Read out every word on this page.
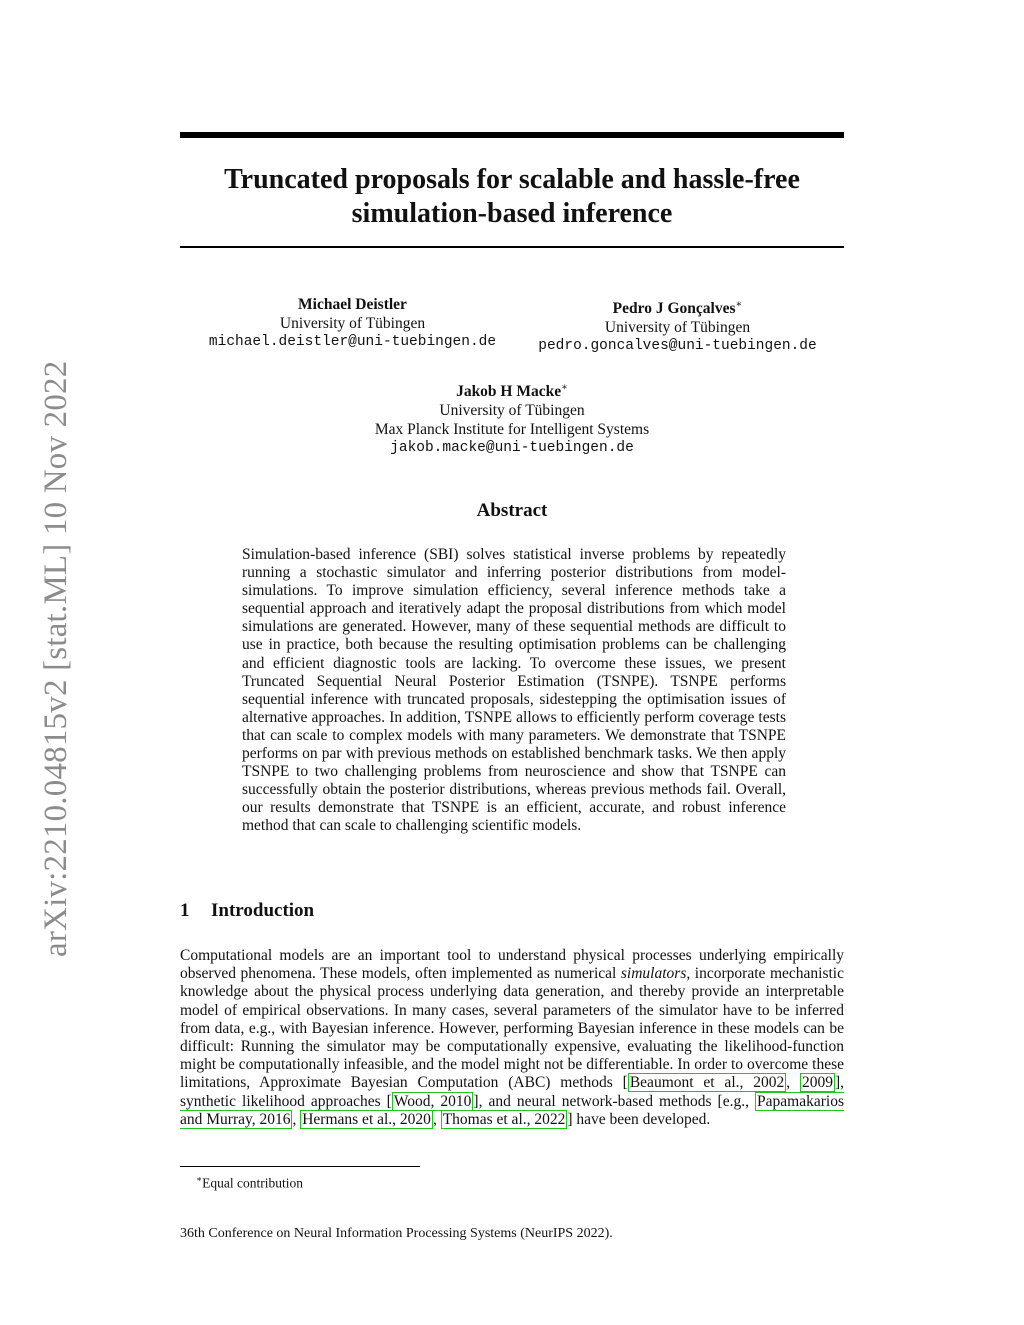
arXiv:2210.04815v2 [stat.ML] 10 Nov 2022
Truncated proposals for scalable and hassle-free
simulation-based inference
Michael Deistler
University of Tübingen
michael.deistler@uni-tuebingen.de
Pedro J Gonçalves∗
University of Tübingen
pedro.goncalves@uni-tuebingen.de
Jakob H Macke∗
University of Tübingen
Max Planck Institute for Intelligent Systems
jakob.macke@uni-tuebingen.de
Abstract

Simulation-based inference (SBI) solves statistical inverse problems by repeatedly running a stochastic simulator and inferring posterior distributions from model-simulations. To improve simulation efficiency, several inference methods take a sequential approach and iteratively adapt the proposal distributions from which model simulations are generated. However, many of these sequential methods are difficult to use in practice, both because the resulting optimisation problems can be challenging and efficient diagnostic tools are lacking. To overcome these issues, we present Truncated Sequential Neural Posterior Estimation (TSNPE). TSNPE performs sequential inference with truncated proposals, sidestepping the optimisation issues of alternative approaches. In addition, TSNPE allows to efficiently perform coverage tests that can scale to complex models with many parameters. We demonstrate that TSNPE performs on par with previous methods on established benchmark tasks. We then apply TSNPE to two challenging problems from neuroscience and show that TSNPE can successfully obtain the posterior distributions, whereas previous methods fail. Overall, our results demonstrate that TSNPE is an efficient, accurate, and robust inference method that can scale to challenging scientific models.

1 Introduction

Computational models are an important tool to understand physical processes underlying empirically observed phenomena. These models, often implemented as numerical simulators, incorporate mechanistic knowledge about the physical process underlying data generation, and thereby provide an interpretable model of empirical observations. In many cases, several parameters of the simulator have to be inferred from data, e.g., with Bayesian inference. However, performing Bayesian inference in these models can be difficult: Running the simulator may be computationally expensive, evaluating the likelihood-function might be computationally infeasible, and the model might not be differentiable. In order to overcome these limitations, Approximate Bayesian Computation (ABC) methods [ Beaumont et al., 2002 , 2009 ], synthetic likelihood approaches [ Wood, 2010 ], and neural network-based methods [e.g., Papamakarios and Murray, 2016 , Hermans et al., 2020 , Thomas et al., 2022 ] have been developed.

∗Equal contribution
36th Conference on Neural Information Processing Systems (NeurIPS 2022).
